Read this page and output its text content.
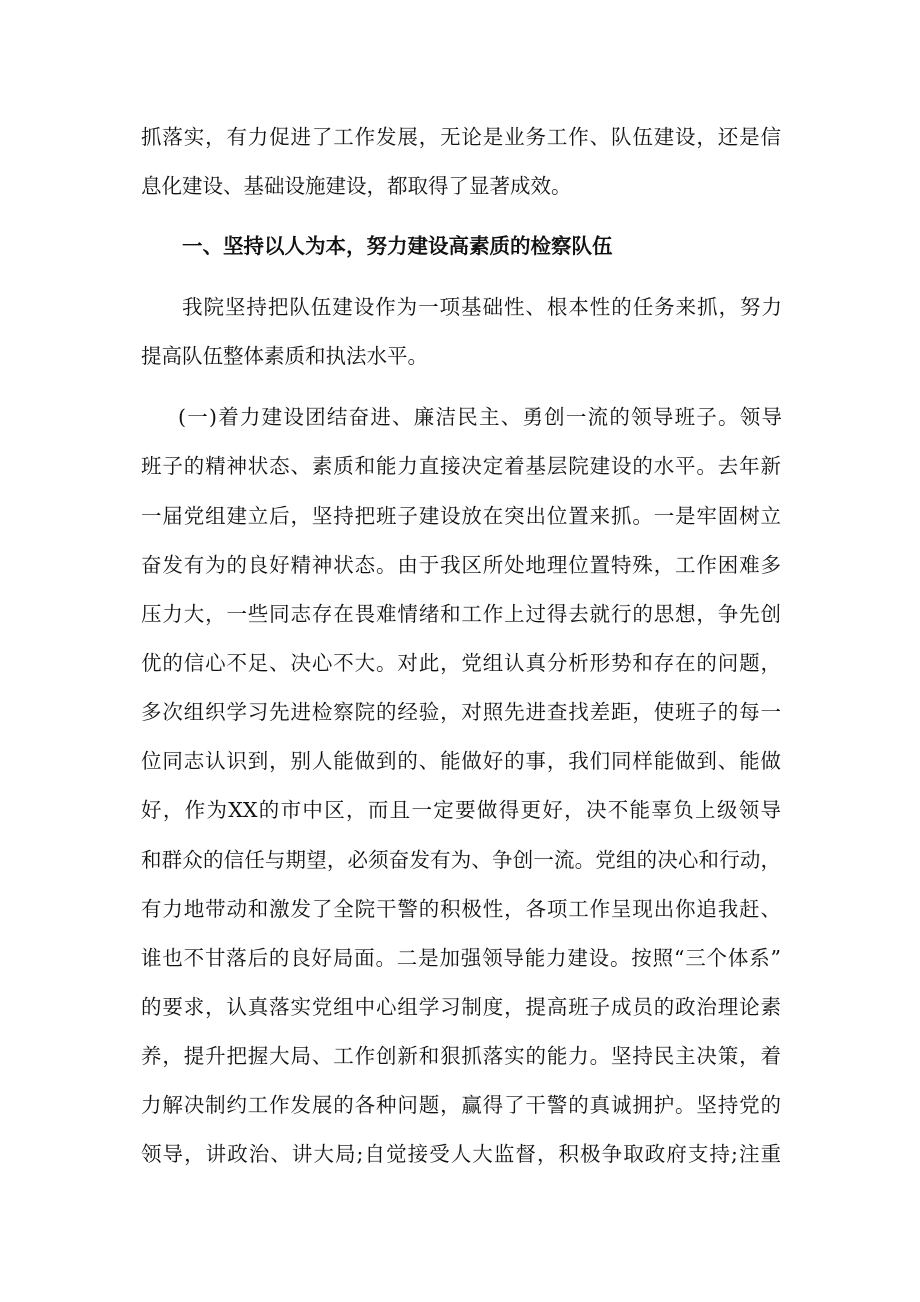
抓落实，有力促进了工作发展，无论是业务工作、队伍建设，还是信
息化建设、基础设施建设，都取得了显著成效。
一、坚持以人为本，努力建设高素质的检察队伍
我院坚持把队伍建设作为一项基础性、根本性的任务来抓，努力
提高队伍整体素质和执法水平。
(一)着力建设团结奋进、廉洁民主、勇创一流的领导班子。领导
班子的精神状态、素质和能力直接决定着基层院建设的水平。去年新
一届党组建立后，坚持把班子建设放在突出位置来抓。一是牢固树立
奋发有为的良好精神状态。由于我区所处地理位置特殊，工作困难多
压力大，一些同志存在畏难情绪和工作上过得去就行的思想，争先创
优的信心不足、决心不大。对此，党组认真分析形势和存在的问题，
多次组织学习先进检察院的经验，对照先进查找差距，使班子的每一
位同志认识到，别人能做到的、能做好的事，我们同样能做到、能做
好，作为XX的市中区，而且一定要做得更好，决不能辜负上级领导
和群众的信任与期望，必须奋发有为、争创一流。党组的决心和行动，
有力地带动和激发了全院干警的积极性，各项工作呈现出你追我赶、
谁也不甘落后的良好局面。二是加强领导能力建设。按照“三个体系”
的要求，认真落实党组中心组学习制度，提高班子成员的政治理论素
养，提升把握大局、工作创新和狠抓落实的能力。坚持民主决策，着
力解决制约工作发展的各种问题，赢得了干警的真诚拥护。坚持党的
领导，讲政治、讲大局;自觉接受人大监督，积极争取政府支持;注重
